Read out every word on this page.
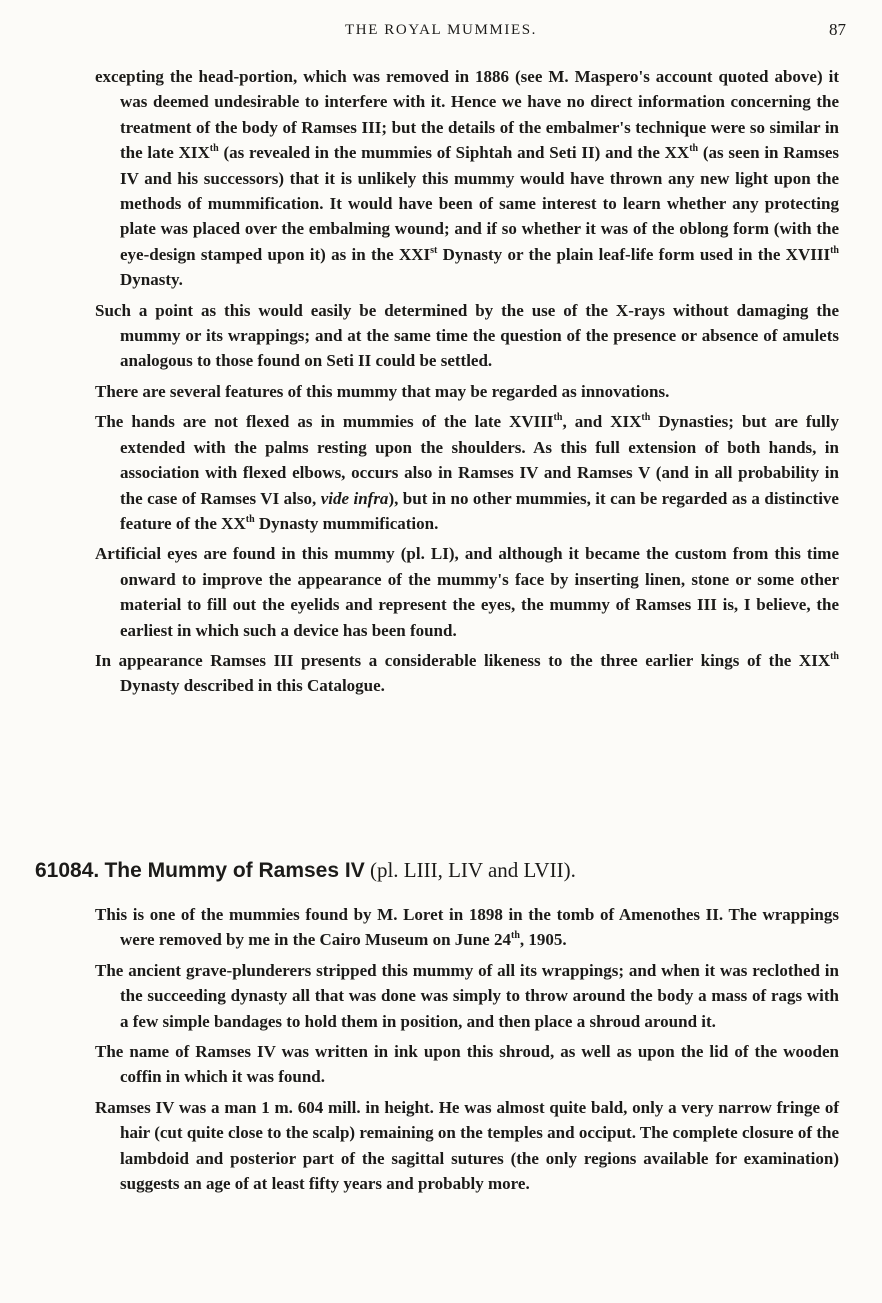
THE ROYAL MUMMIES.	87

excepting the head-portion, which was removed in 1886 (see M. Maspero's account quoted above) it was deemed undesirable to interfere with it. Hence we have no direct information concerning the treatment of the body of Ramses III; but the details of the embalmer's technique were so similar in the late XIXth (as revealed in the mummies of Siphtah and Seti II) and the XXth (as seen in Ramses IV and his successors) that it is unlikely this mummy would have thrown any new light upon the methods of mummification. It would have been of same interest to learn whether any protecting plate was placed over the embalming wound; and if so whether it was of the oblong form (with the eye-design stamped upon it) as in the XXIst Dynasty or the plain leaf-life form used in the XVIIIth Dynasty.

Such a point as this would easily be determined by the use of the X-rays without damaging the mummy or its wrappings; and at the same time the question of the presence or absence of amulets analogous to those found on Seti II could be settled.

There are several features of this mummy that may be regarded as innovations.

The hands are not flexed as in mummies of the late XVIIIth, and XIXth Dynasties; but are fully extended with the palms resting upon the shoulders. As this full extension of both hands, in association with flexed elbows, occurs also in Ramses IV and Ramses V (and in all probability in the case of Ramses VI also, vide infra), but in no other mummies, it can be regarded as a distinctive feature of the XXth Dynasty mummification.

Artificial eyes are found in this mummy (pl. LI), and although it became the custom from this time onward to improve the appearance of the mummy's face by inserting linen, stone or some other material to fill out the eyelids and represent the eyes, the mummy of Ramses III is, I believe, the earliest in which such a device has been found.

In appearance Ramses III presents a considerable likeness to the three earlier kings of the XIXth Dynasty described in this Catalogue.

61084. The Mummy of Ramses IV (pl. LIII, LIV and LVII).

This is one of the mummies found by M. Loret in 1898 in the tomb of Amenothes II. The wrappings were removed by me in the Cairo Museum on June 24th, 1905.

The ancient grave-plunderers stripped this mummy of all its wrappings; and when it was reclothed in the succeeding dynasty all that was done was simply to throw around the body a mass of rags with a few simple bandages to hold them in position, and then place a shroud around it.

The name of Ramses IV was written in ink upon this shroud, as well as upon the lid of the wooden coffin in which it was found.

Ramses IV was a man 1 m. 604 mill. in height. He was almost quite bald, only a very narrow fringe of hair (cut quite close to the scalp) remaining on the temples and occiput. The complete closure of the lambdoid and posterior part of the sagittal sutures (the only regions available for examination) suggests an age of at least fifty years and probably more.
